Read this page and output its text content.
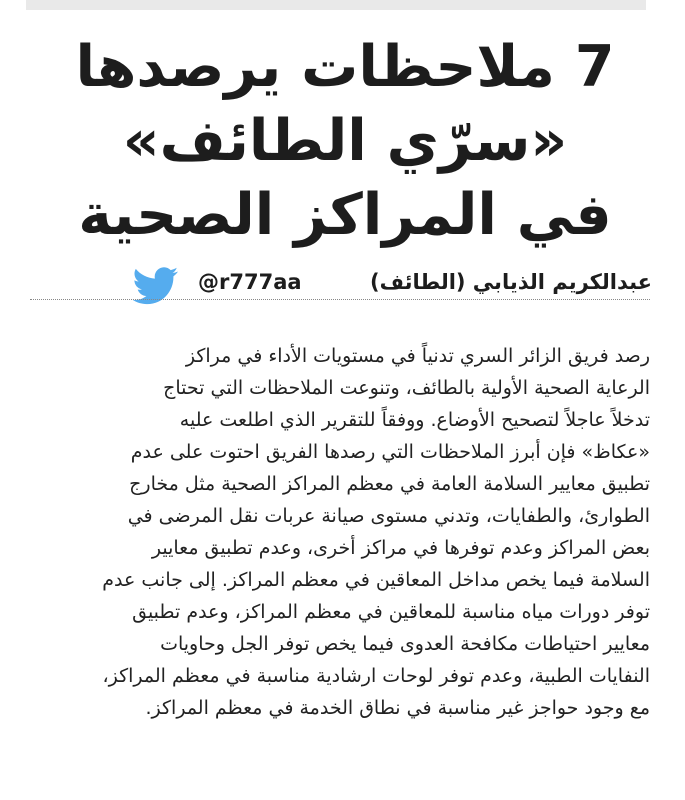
7 ملاحظات يرصدها
«سرّي الطائف»
في المراكز الصحية
عبدالكريم الذيابي (الطائف)
@r777aa
رصد فريق الزائر السري تدنياً في مستويات الأداء في مراكز
الرعاية الصحية الأولية بالطائف، وتنوعت الملاحظات التي تحتاج
تدخلاً عاجلاً لتصحيح الأوضاع. ووفقاً للتقرير الذي اطلعت عليه
«عكاظ» فإن أبرز الملاحظات التي رصدها الفريق احتوت على عدم
تطبيق معايير السلامة العامة في معظم المراكز الصحية مثل مخارج
الطوارئ، والطفايات، وتدني مستوى صيانة عربات نقل المرضى في
بعض المراكز وعدم توفرها في مراكز أخرى، وعدم تطبيق معايير
السلامة فيما يخص مداخل المعاقين في معظم المراكز. إلى جانب عدم
توفر دورات مياه مناسبة للمعاقين في معظم المراكز، وعدم تطبيق
معايير احتياطات مكافحة العدوى فيما يخص توفر الجل وحاويات
النفايات الطبية، وعدم توفر لوحات ارشادية مناسبة في معظم المراكز،
مع وجود حواجز غير مناسبة في نطاق الخدمة في معظم المراكز.
